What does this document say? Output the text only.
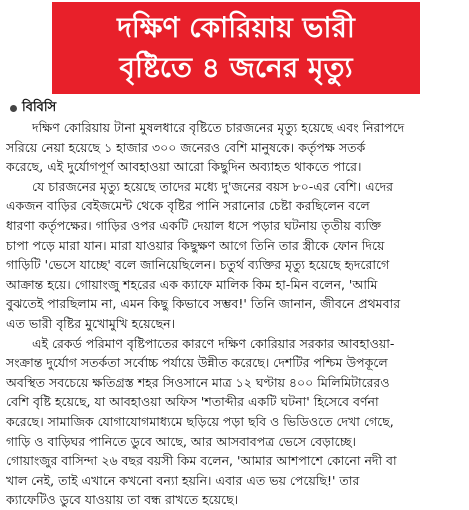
দক্ষিণ কোরিয়ায় ভারী
বৃষ্টিতে ৪ জনের মৃত্যু
বিবিসি
দক্ষিণ কোরিয়ায় টানা মুষলধারে বৃষ্টিতে চারজনের মৃত্যু হয়েছে এবং নিরাপদে
সরিয়ে নেয়া হয়েছে ১ হাজার ৩০০ জনেরও বেশি মানুষকে। কর্তৃপক্ষ সতর্ক
করেছে, এই দুর্যোগপূর্ণ আবহাওয়া আরো কিছুদিন অব্যাহত থাকতে পারে।
যে চারজনের মৃত্যু হয়েছে তাদের মধ্যে দু'জনের বয়স ৮০-এর বেশি। এদের
একজন বাড়ির বেইজমেন্ট থেকে বৃষ্টির পানি সরানোর চেষ্টা করছিলেন বলে
ধারণা কর্তৃপক্ষের। গাড়ির ওপর একটি দেয়াল ধসে পড়ার ঘটনায় তৃতীয় ব্যক্তি
চাপা পড়ে মারা যান। মারা যাওয়ার কিছুক্ষণ আগে তিনি তার স্ত্রীকে ফোন দিয়ে
গাড়িটি 'ভেসে যাচ্ছে' বলে জানিয়েছিলেন। চতুর্থ ব্যক্তির মৃত্যু হয়েছে হৃদরোগে
আক্রান্ত হয়ে। গোয়াংজু শহরের এক ক্যাফে মালিক কিম হা-মিন বলেন, 'আমি
বুঝতেই পারছিলাম না, এমন কিছু কিভাবে সম্ভব!' তিনি জানান, জীবনে প্রথমবার
এত ভারী বৃষ্টির মুখোমুখি হয়েছেন।
এই রেকর্ড পরিমাণ বৃষ্টিপাতের কারণে দক্ষিণ কোরিয়ার সরকার আবহাওয়া-
সংক্রান্ত দুর্যোগ সতর্কতা সর্বোচ্চ পর্যায়ে উন্নীত করেছে। দেশটির পশ্চিম উপকূলে
অবস্থিত সবচেয়ে ক্ষতিগ্রস্ত শহর সিওসানে মাত্র ১২ ঘণ্টায় ৪০০ মিলিমিটারেরও
বেশি বৃষ্টি হয়েছে, যা আবহাওয়া অফিস 'শতাব্দীর একটি ঘটনা' হিসেবে বর্ণনা
করেছে। সামাজিক যোগাযোগমাধ্যমে ছড়িয়ে পড়া ছবি ও ভিডিওতে দেখা গেছে,
গাড়ি ও বাড়িঘর পানিতে ডুবে আছে, আর আসবাবপত্র ভেসে বেড়াচ্ছে।
গোয়াংজুর বাসিন্দা ২৬ বছর বয়সী কিম বলেন, 'আমার আশপাশে কোনো নদী বা
খাল নেই, তাই এখানে কখনো বন্যা হয়নি। এবার এত ভয় পেয়েছি!' তার
ক্যাফেটিও ডুবে যাওয়ায় তা বন্ধ রাখতে হয়েছে।
